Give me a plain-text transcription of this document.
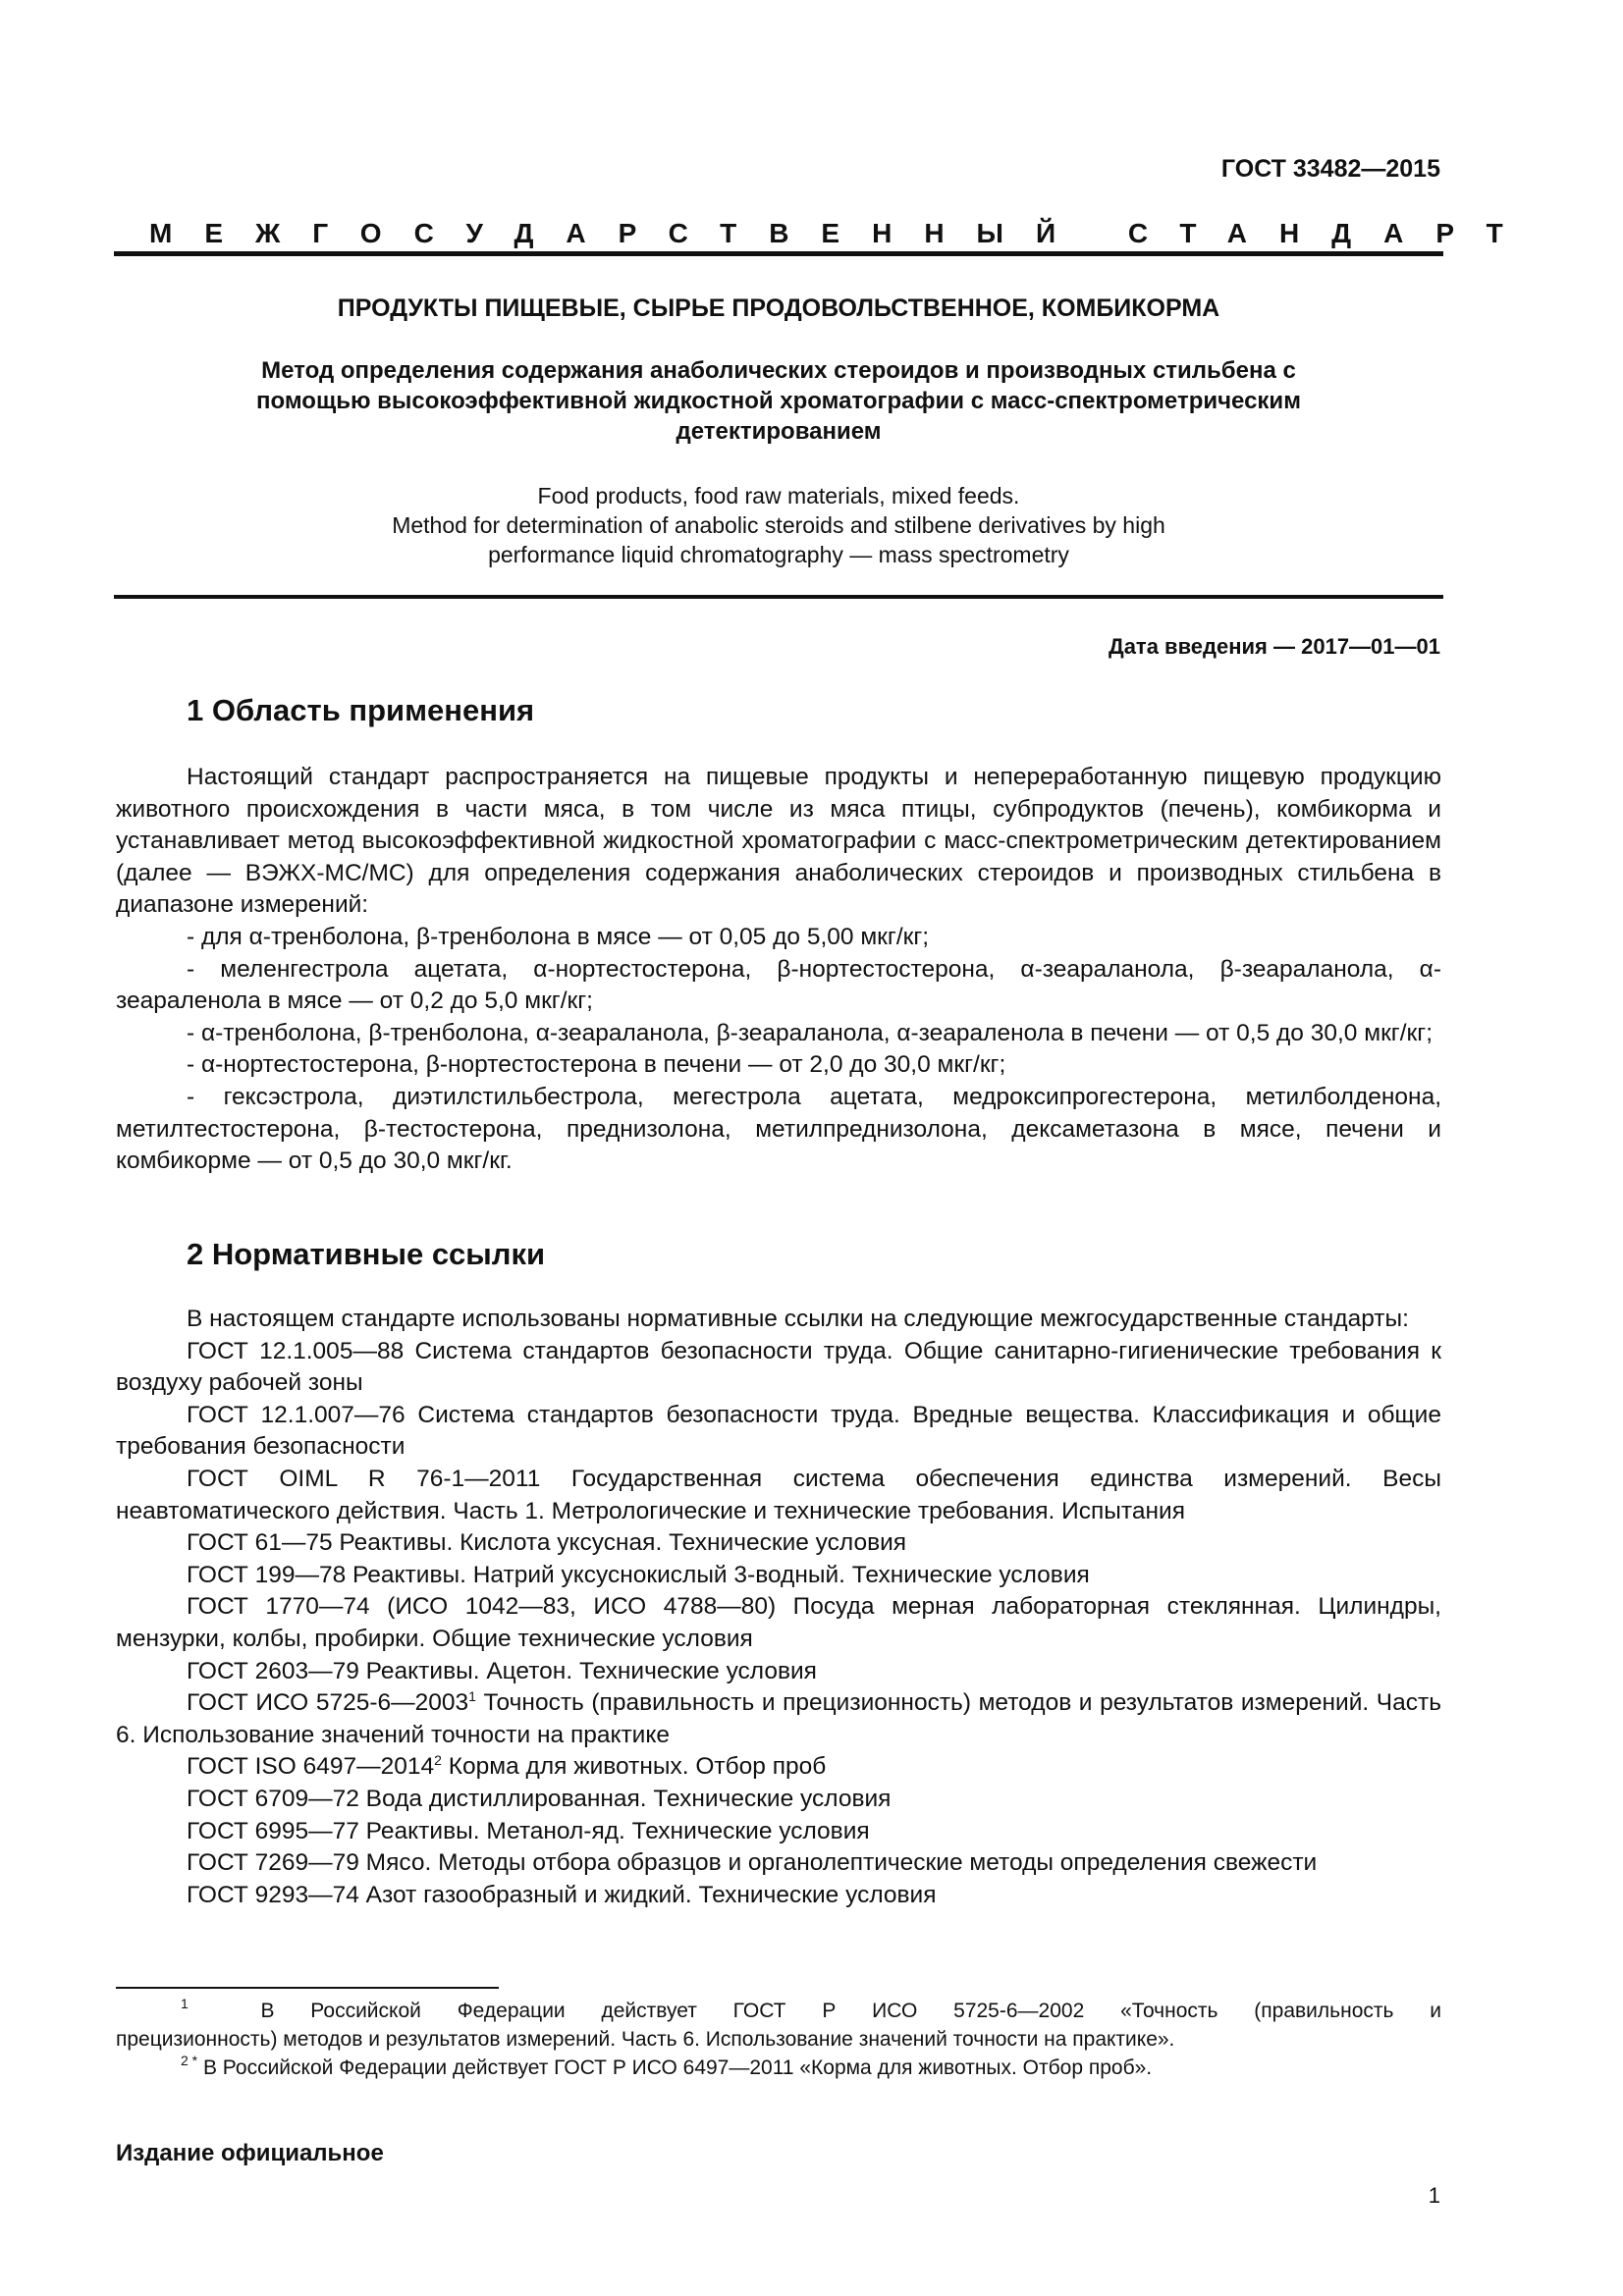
ГОСТ 33482—2015
МЕЖГОСУДАРСТВЕННЫЙ СТАНДАРТ
ПРОДУКТЫ ПИЩЕВЫЕ, СЫРЬЕ ПРОДОВОЛЬСТВЕННОЕ, КОМБИКОРМА
Метод определения содержания анаболических стероидов и производных стильбена с
помощью высокоэффективной жидкостной хроматографии с масс-спектрометрическим
детектированием
Food products, food raw materials, mixed feeds.
Method for determination of anabolic steroids and stilbene derivatives by high
performance liquid chromatography — mass spectrometry
Дата введения — 2017—01—01
1 Область применения

Настоящий стандарт распространяется на пищевые продукты и непереработанную пищевую продукцию животного происхождения в части мяса, в том числе из мяса птицы, субпродуктов (печень), комбикорма и устанавливает метод высокоэффективной жидкостной хроматографии с масс-спектрометрическим детектированием (далее — ВЭЖХ-МС/МС) для определения содержания анаболических стероидов и производных стильбена в диапазоне измерений:

- для α-тренболона, β-тренболона в мясе — от 0,05 до 5,00 мкг/кг;

- меленгестрола ацетата, α-нортестостерона, β-нортестостерона, α-зеараланола, β-зеараланола, α-зеараленола в мясе — от 0,2 до 5,0 мкг/кг;

- α-тренболона, β-тренболона, α-зеараланола, β-зеараланола, α-зеараленола в печени — от 0,5 до 30,0 мкг/кг;

- α-нортестостерона, β-нортестостерона в печени — от 2,0 до 30,0 мкг/кг;

- гексэстрола, диэтилстильбестрола, мегестрола ацетата, медроксипрогестерона, метилболденона, метилтестостерона, β-тестостерона, преднизолона, метилпреднизолона, дексаметазона в мясе, печени и комбикорме — от 0,5 до 30,0 мкг/кг.

2 Нормативные ссылки

В настоящем стандарте использованы нормативные ссылки на следующие межгосударственные стандарты:

ГОСТ 12.1.005—88 Система стандартов безопасности труда. Общие санитарно-гигиенические требования к воздуху рабочей зоны

ГОСТ 12.1.007—76 Система стандартов безопасности труда. Вредные вещества. Классификация и общие требования безопасности

ГОСТ OIML R 76-1—2011 Государственная система обеспечения единства измерений. Весы неавтоматического действия. Часть 1. Метрологические и технические требования. Испытания

ГОСТ 61—75 Реактивы. Кислота уксусная. Технические условия

ГОСТ 199—78 Реактивы. Натрий уксуснокислый 3-водный. Технические условия

ГОСТ 1770—74 (ИСО 1042—83, ИСО 4788—80) Посуда мерная лабораторная стеклянная. Цилиндры, мензурки, колбы, пробирки. Общие технические условия

ГОСТ 2603—79 Реактивы. Ацетон. Технические условия

ГОСТ ИСО 5725-6—2003$^1$ Точность (правильность и прецизионность) методов и результатов измерений. Часть 6. Использование значений точности на практике

ГОСТ ISO 6497—2014$^2$ Корма для животных. Отбор проб

ГОСТ 6709—72 Вода дистиллированная. Технические условия

ГОСТ 6995—77 Реактивы. Метанол-яд. Технические условия

ГОСТ 7269—79 Мясо. Методы отбора образцов и органолептические методы определения свежести

ГОСТ 9293—74 Азот газообразный и жидкий. Технические условия

$^1$	В Российской Федерации действует ГОСТ Р ИСО 5725-6—2002 «Точность (правильность и

прецизионность) методов и результатов измерений. Часть 6. Использование значений точности на практике».

$^{2 *}$ В Российской Федерации действует ГОСТ Р ИСО 6497—2011 «Корма для животных. Отбор проб».

Издание официальное
1
